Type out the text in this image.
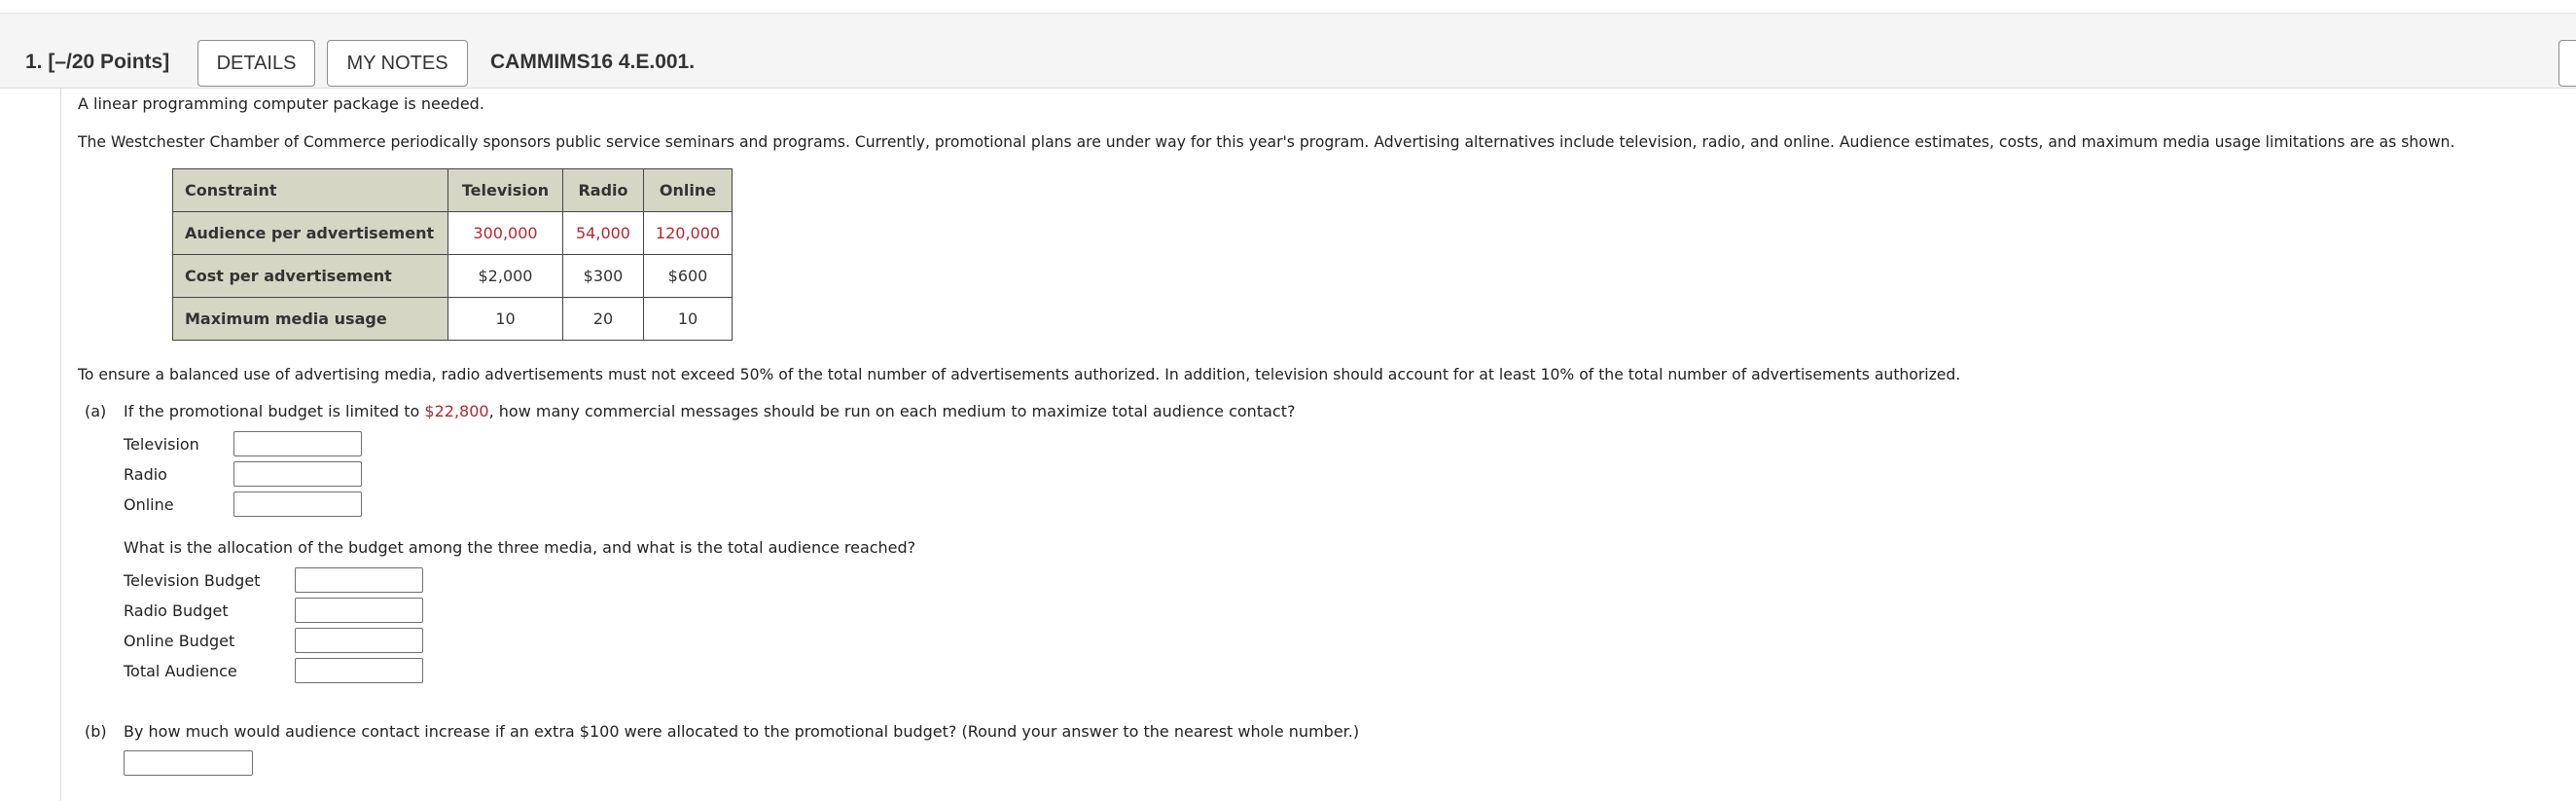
1. [–/20 Points]	DETAILS	MY NOTES	CAMMIMS16 4.E.001.
A linear programming computer package is needed.
The Westchester Chamber of Commerce periodically sponsors public service seminars and programs. Currently, promotional plans are under way for this year's program. Advertising alternatives include television, radio, and online. Audience estimates, costs, and maximum media usage limitations are as shown.
Constraint	Television	Radio	Online
Audience per advertisement	300,000	54,000	120,000
Cost per advertisement	$2,000	$300	$600
Maximum media usage	10	20	10
To ensure a balanced use of advertising media, radio advertisements must not exceed 50% of the total number of advertisements authorized. In addition, television should account for at least 10% of the total number of advertisements authorized.
(a) If the promotional budget is limited to $22,800, how many commercial messages should be run on each medium to maximize total audience contact?
Television
Radio
Online
What is the allocation of the budget among the three media, and what is the total audience reached?
Television Budget
Radio Budget
Online Budget
Total Audience
(b) By how much would audience contact increase if an extra $100 were allocated to the promotional budget? (Round your answer to the nearest whole number.)
